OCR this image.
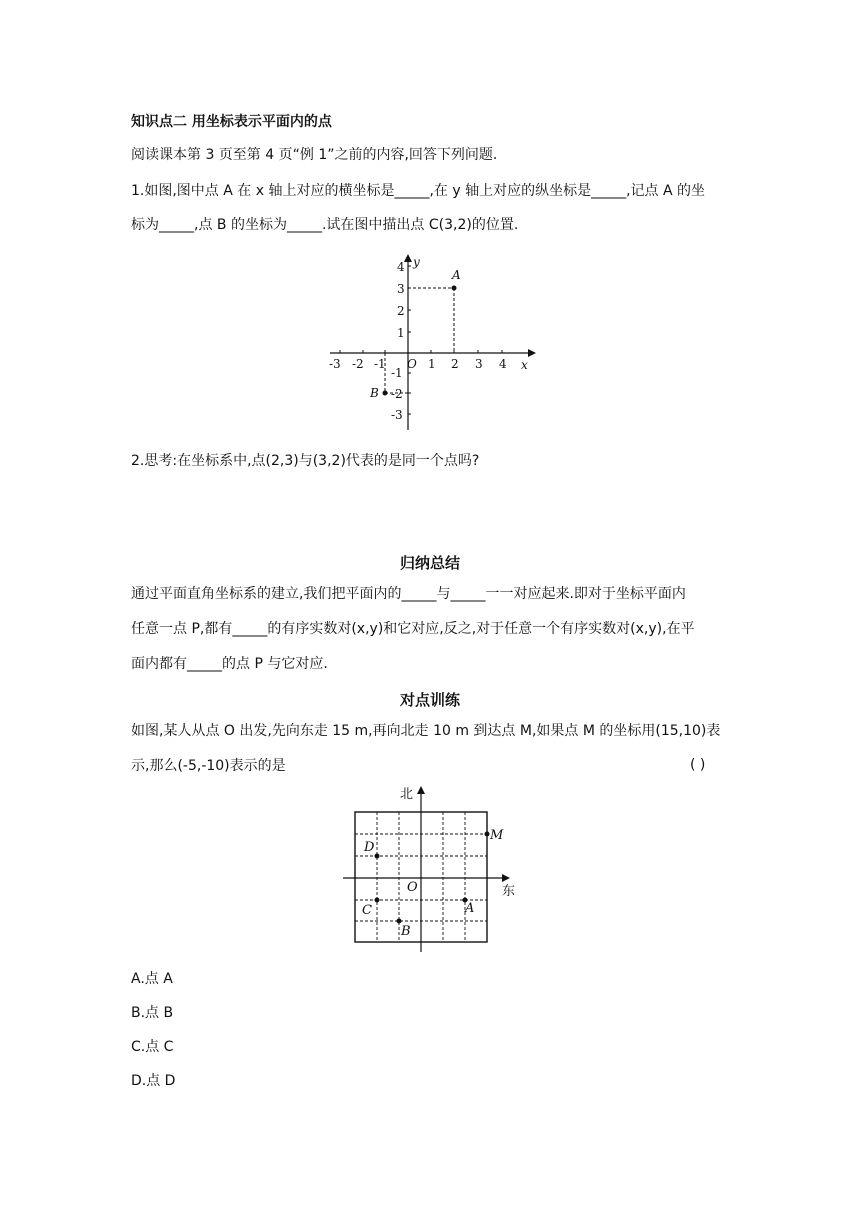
知识点二 用坐标表示平面内的点
阅读课本第 3 页至第 4 页“例 1”之前的内容,回答下列问题.
1.如图,图中点 A 在 x 轴上对应的横坐标是_____,在 y 轴上对应的纵坐标是_____,记点 A 的坐
标为_____,点 B 的坐标为_____.试在图中描出点 C(3,2)的位置.
-3 -2 -1	1 2 3 4
4
3
2
1
-1
-2
-3
O	x
y
A
B
2.思考:在坐标系中,点(2,3)与(3,2)代表的是同一个点吗?
归纳总结
通过平面直角坐标系的建立,我们把平面内的_____与_____一一对应起来.即对于坐标平面内
任意一点 P,都有_____的有序实数对(x,y)和它对应,反之,对于任意一个有序实数对(x,y),在平
面内都有_____的点 P 与它对应.
对点训练
如图,某人从点 O 出发,先向东走 15 m,再向北走 10 m 到达点 M,如果点 M 的坐标用(15,10)表
示,那么(-5,-10)表示的是	( )
北
东
O
M
D
C	A
B
A.点 A
B.点 B
C.点 C
D.点 D
